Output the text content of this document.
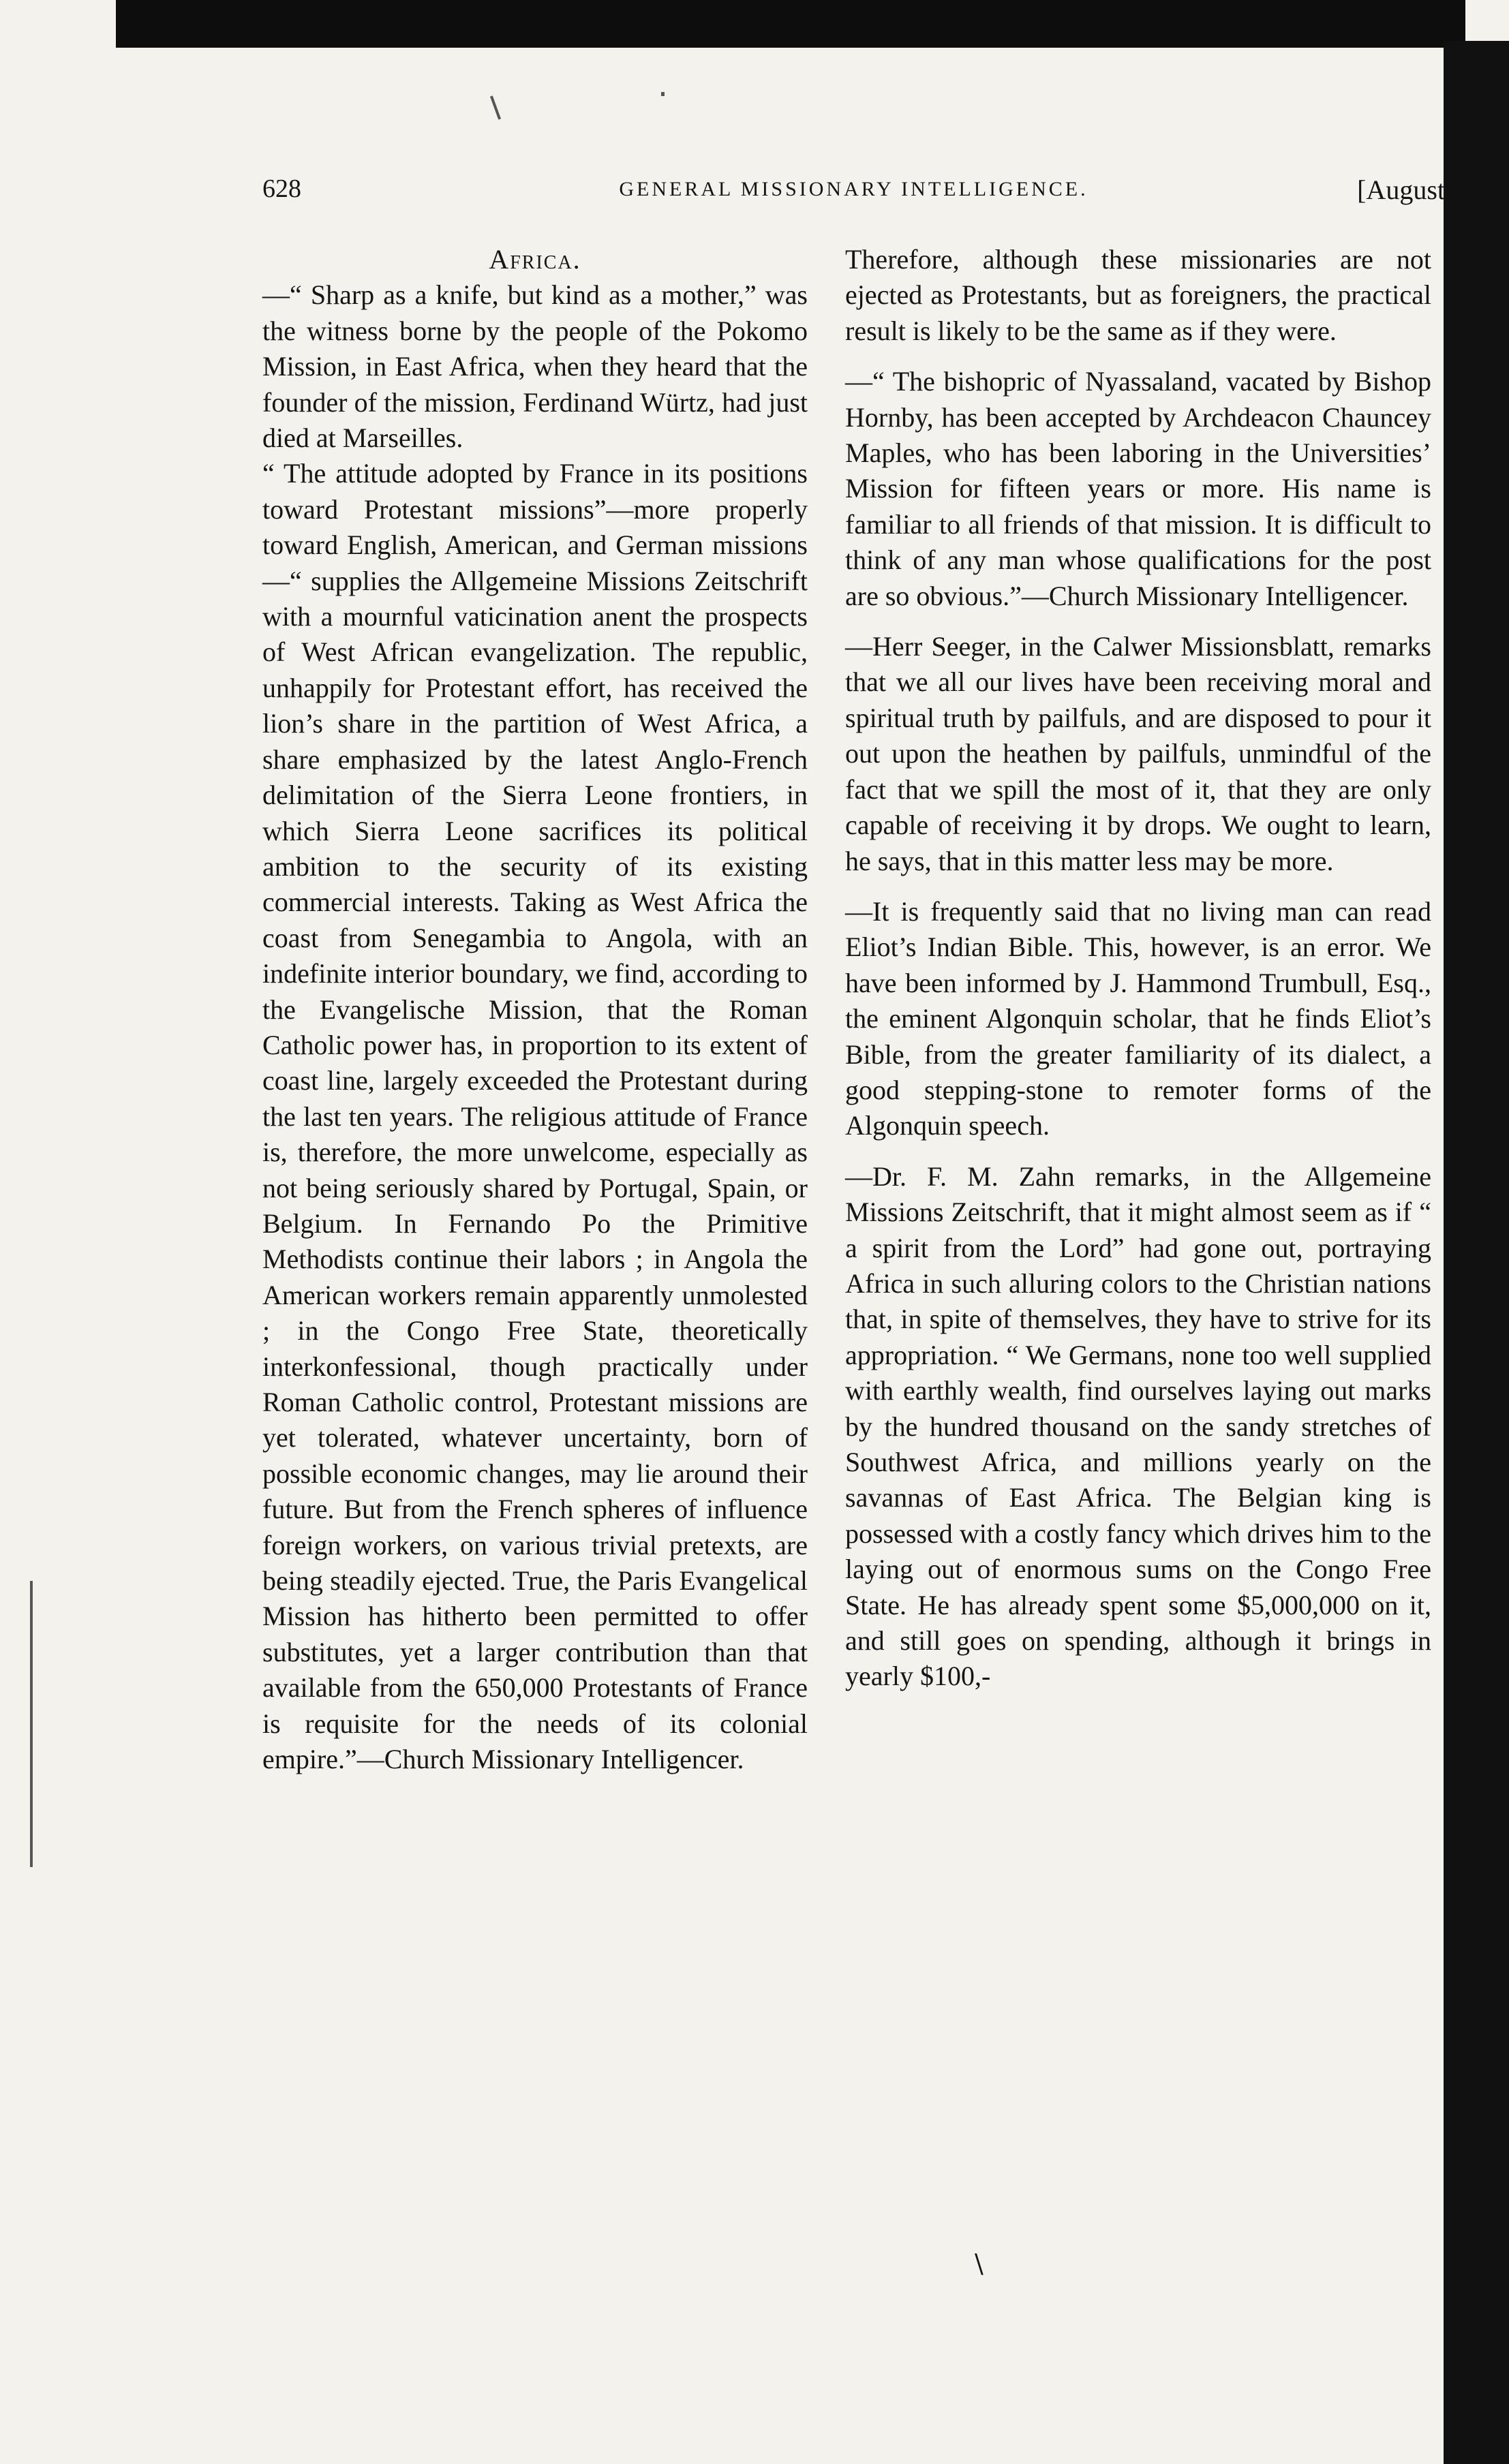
628	GENERAL MISSIONARY INTELLIGENCE.	[August

Africa.

—“ Sharp as a knife, but kind as a mother,” was the witness borne by the people of the Pokomo Mission, in East Africa, when they heard that the founder of the mission, Ferdinand Würtz, had just died at Marseilles.

“ The attitude adopted by France in its positions toward Protestant missions”—more properly toward English, American, and German missions—“ supplies the Allgemeine Missions Zeitschrift with a mournful vaticination anent the prospects of West African evangelization. The republic, unhappily for Protestant effort, has received the lion’s share in the partition of West Africa, a share emphasized by the latest Anglo-French delimitation of the Sierra Leone frontiers, in which Sierra Leone sacrifices its political ambition to the security of its existing commercial interests. Taking as West Africa the coast from Senegambia to Angola, with an indefinite interior boundary, we find, according to the Evangelische Mission, that the Roman Catholic power has, in proportion to its extent of coast line, largely exceeded the Protestant during the last ten years. The religious attitude of France is, therefore, the more unwelcome, especially as not being seriously shared by Portugal, Spain, or Belgium. In Fernando Po the Primitive Methodists continue their labors ; in Angola the American workers remain apparently unmolested ; in the Congo Free State, theoretically interkonfessional, though practically under Roman Catholic control, Protestant missions are yet tolerated, whatever uncertainty, born of possible economic changes, may lie around their future. But from the French spheres of influence foreign workers, on various trivial pretexts, are being steadily ejected. True, the Paris Evangelical Mission has hitherto been permitted to offer substitutes, yet a larger contribution than that available from the 650,000 Protestants of France is requisite for the needs of its colonial empire.”—Church Missionary Intelligencer.

Therefore, although these missionaries are not ejected as Protestants, but as foreigners, the practical result is likely to be the same as if they were.

—“ The bishopric of Nyassaland, vacated by Bishop Hornby, has been accepted by Archdeacon Chauncey Maples, who has been laboring in the Universities’ Mission for fifteen years or more. His name is familiar to all friends of that mission. It is difficult to think of any man whose qualifications for the post are so obvious.”—Church Missionary Intelligencer.

—Herr Seeger, in the Calwer Missionsblatt, remarks that we all our lives have been receiving moral and spiritual truth by pailfuls, and are disposed to pour it out upon the heathen by pailfuls, unmindful of the fact that we spill the most of it, that they are only capable of receiving it by drops. We ought to learn, he says, that in this matter less may be more.

—It is frequently said that no living man can read Eliot’s Indian Bible. This, however, is an error. We have been informed by J. Hammond Trumbull, Esq., the eminent Algonquin scholar, that he finds Eliot’s Bible, from the greater familiarity of its dialect, a good stepping-stone to remoter forms of the Algonquin speech.

—Dr. F. M. Zahn remarks, in the Allgemeine Missions Zeitschrift, that it might almost seem as if “ a spirit from the Lord” had gone out, portraying Africa in such alluring colors to the Christian nations that, in spite of themselves, they have to strive for its appropriation. “ We Germans, none too well supplied with earthly wealth, find ourselves laying out marks by the hundred thousand on the sandy stretches of Southwest Africa, and millions yearly on the savannas of East Africa. The Belgian king is possessed with a costly fancy which drives him to the laying out of enormous sums on the Congo Free State. He has already spent some $5,000,000 on it, and still goes on spending, although it brings in yearly $100,-

\
